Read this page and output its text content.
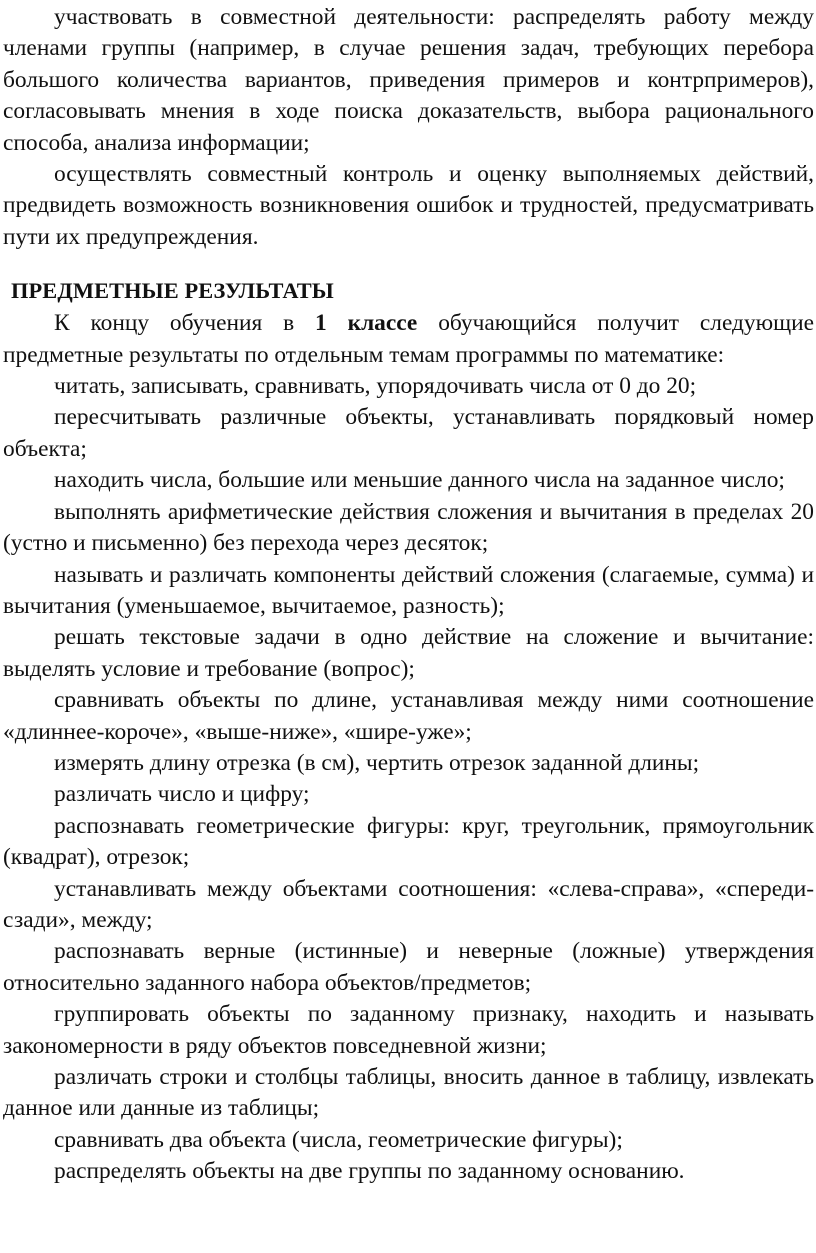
участвовать в совместной деятельности: распределять работу между членами группы (например, в случае решения задач, требующих перебора большого количества вариантов, приведения примеров и контрпримеров), согласовывать мнения в ходе поиска доказательств, выбора рационального способа, анализа информации;

осуществлять совместный контроль и оценку выполняемых действий, предвидеть возможность возникновения ошибок и трудностей, предусматривать пути их предупреждения.

ПРЕДМЕТНЫЕ РЕЗУЛЬТАТЫ

К концу обучения в 1 классе обучающийся получит следующие предметные результаты по отдельным темам программы по математике:

читать, записывать, сравнивать, упорядочивать числа от 0 до 20;

пересчитывать различные объекты, устанавливать порядковый номер объекта;

находить числа, большие или меньшие данного числа на заданное число;

выполнять арифметические действия сложения и вычитания в пределах 20 (устно и письменно) без перехода через десяток;

называть и различать компоненты действий сложения (слагаемые, сумма) и вычитания (уменьшаемое, вычитаемое, разность);

решать текстовые задачи в одно действие на сложение и вычитание: выделять условие и требование (вопрос);

сравнивать объекты по длине, устанавливая между ними соотношение «длиннее-короче», «выше-ниже», «шире-уже»;

измерять длину отрезка (в см), чертить отрезок заданной длины;

различать число и цифру;

распознавать геометрические фигуры: круг, треугольник, прямоугольник (квадрат), отрезок;

устанавливать между объектами соотношения: «слева-справа», «спереди-сзади», между;

распознавать верные (истинные) и неверные (ложные) утверждения относительно заданного набора объектов/предметов;

группировать объекты по заданному признаку, находить и называть закономерности в ряду объектов повседневной жизни;

различать строки и столбцы таблицы, вносить данное в таблицу, извлекать данное или данные из таблицы;

сравнивать два объекта (числа, геометрические фигуры);

распределять объекты на две группы по заданному основанию.
